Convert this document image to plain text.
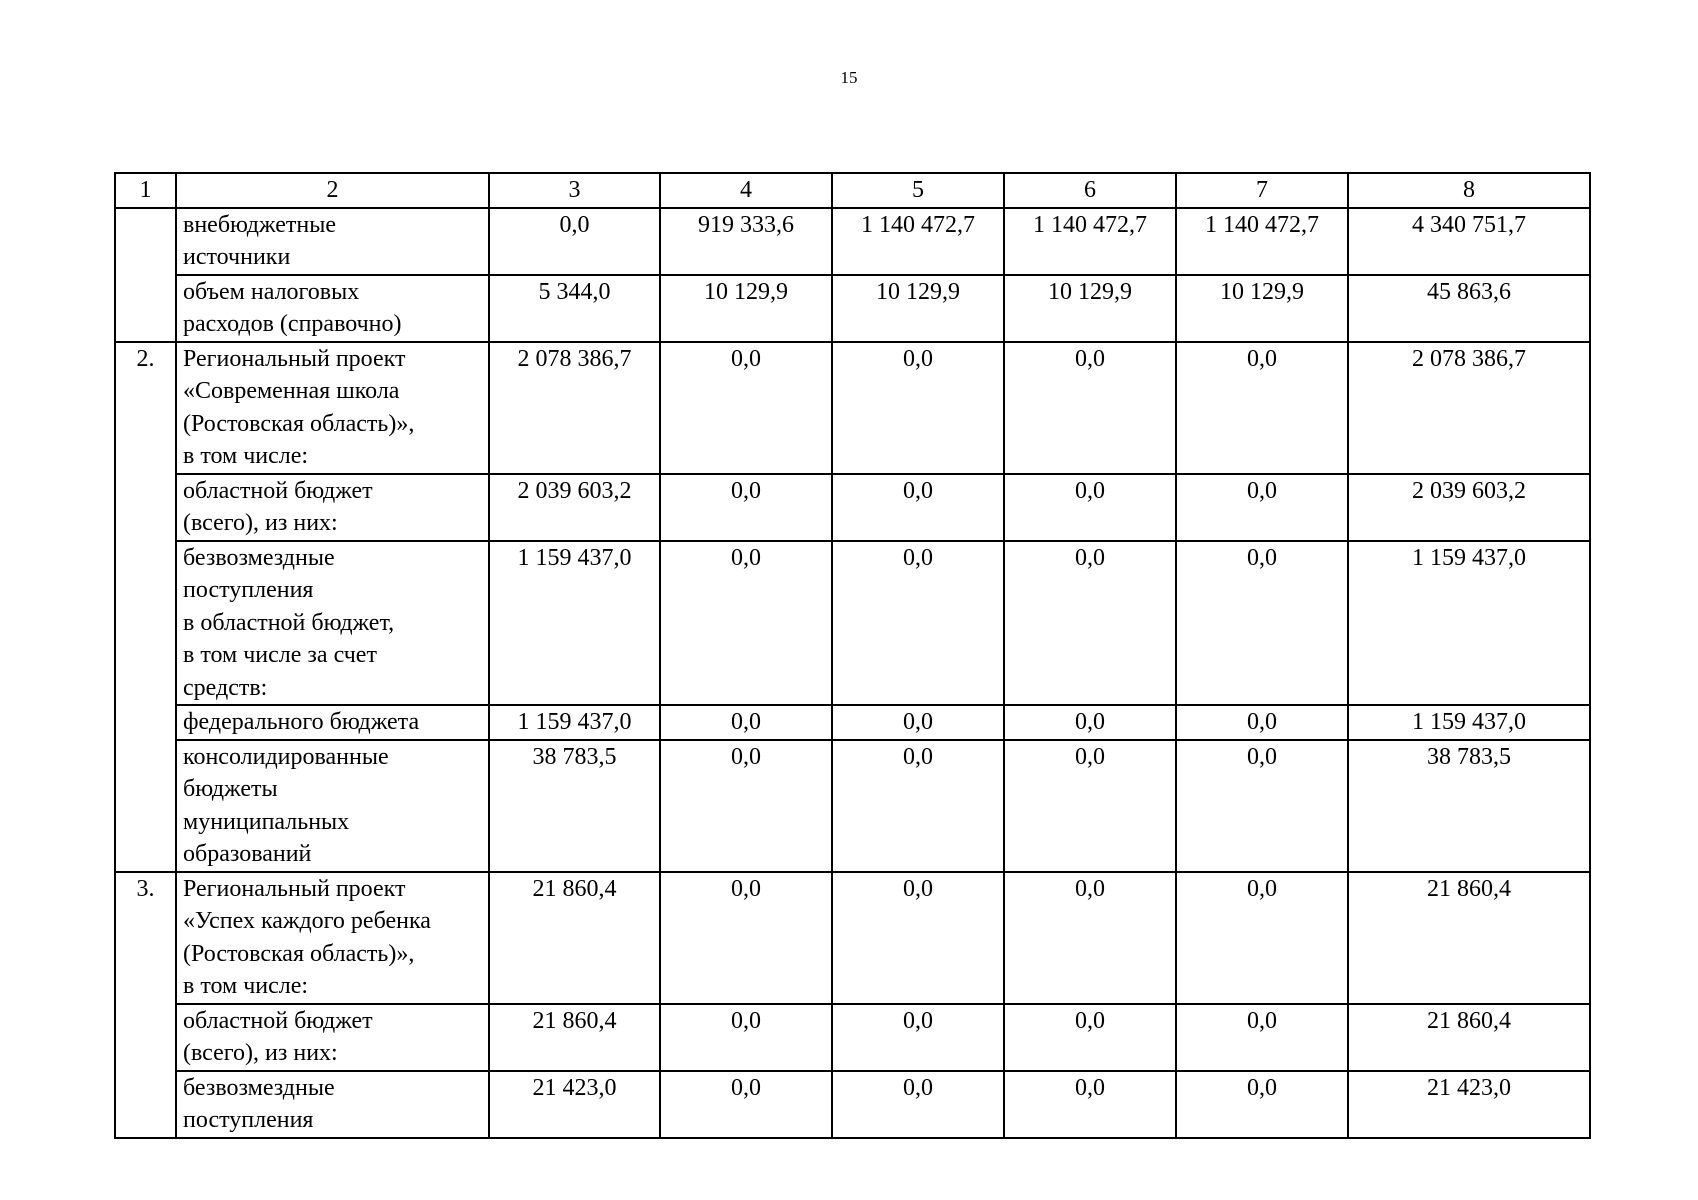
15
1	2	3	4	5	6	7	8

	внебюджетные
источники	0,0	919 333,6	1 140 472,7	1 140 472,7	1 140 472,7	4 340 751,7

	объем налоговых
расходов (справочно)	5 344,0	10 129,9	10 129,9	10 129,9	10 129,9	45 863,6
2.	Региональный проект
«Современная школа
(Ростовская область)»,
в том числе:	2 078 386,7	0,0	0,0	0,0	0,0	2 078 386,7

	областной бюджет
(всего), из них:	2 039 603,2	0,0	0,0	0,0	0,0	2 039 603,2

	безвозмездные
поступления
в областной бюджет,
в том числе за счет
средств:	1 159 437,0	0,0	0,0	0,0	0,0	1 159 437,0

	федерального бюджета	1 159 437,0	0,0	0,0	0,0	0,0	1 159 437,0

	консолидированные
бюджеты
муниципальных
образований	38 783,5	0,0	0,0	0,0	0,0	38 783,5
3.	Региональный проект
«Успех каждого ребенка
(Ростовская область)»,
в том числе:	21 860,4	0,0	0,0	0,0	0,0	21 860,4

	областной бюджет
(всего), из них:	21 860,4	0,0	0,0	0,0	0,0	21 860,4

	безвозмездные
поступления	21 423,0	0,0	0,0	0,0	0,0	21 423,0
